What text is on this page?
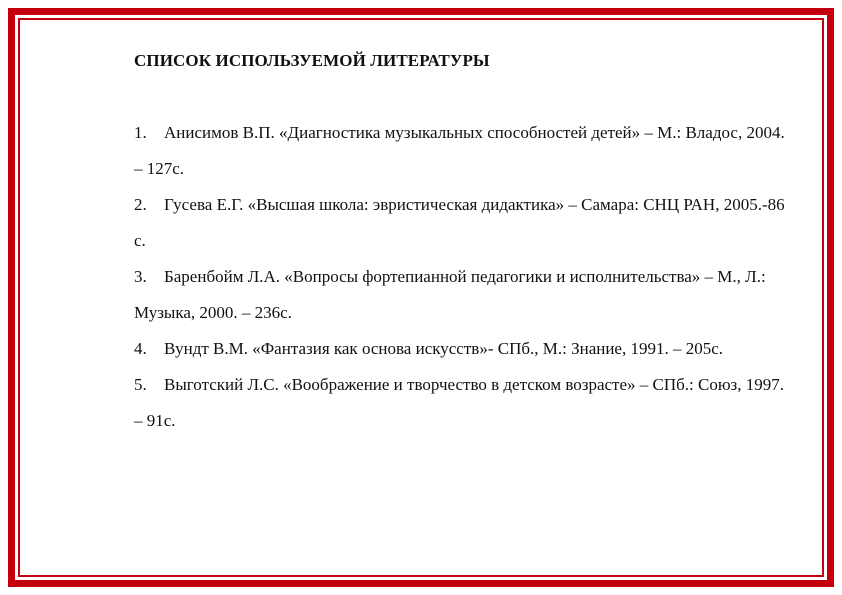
СПИСОК ИСПОЛЬЗУЕМОЙ ЛИТЕРАТУРЫ
1. Анисимов В.П. «Диагностика музыкальных способностей детей» – М.: Владос, 2004. – 127с.
2. Гусева Е.Г. «Высшая школа: эвристическая дидактика» – Самара: СНЦ РАН, 2005.-86 с.
3. Баренбойм Л.А. «Вопросы фортепианной педагогики и исполнительства» – М., Л.: Музыка, 2000. – 236с.
4. Вундт В.М. «Фантазия как основа искусств»- СПб., М.: Знание, 1991. – 205с.
5. Выготский Л.С. «Воображение и творчество в детском возрасте» – СПб.: Союз, 1997. – 91с.
